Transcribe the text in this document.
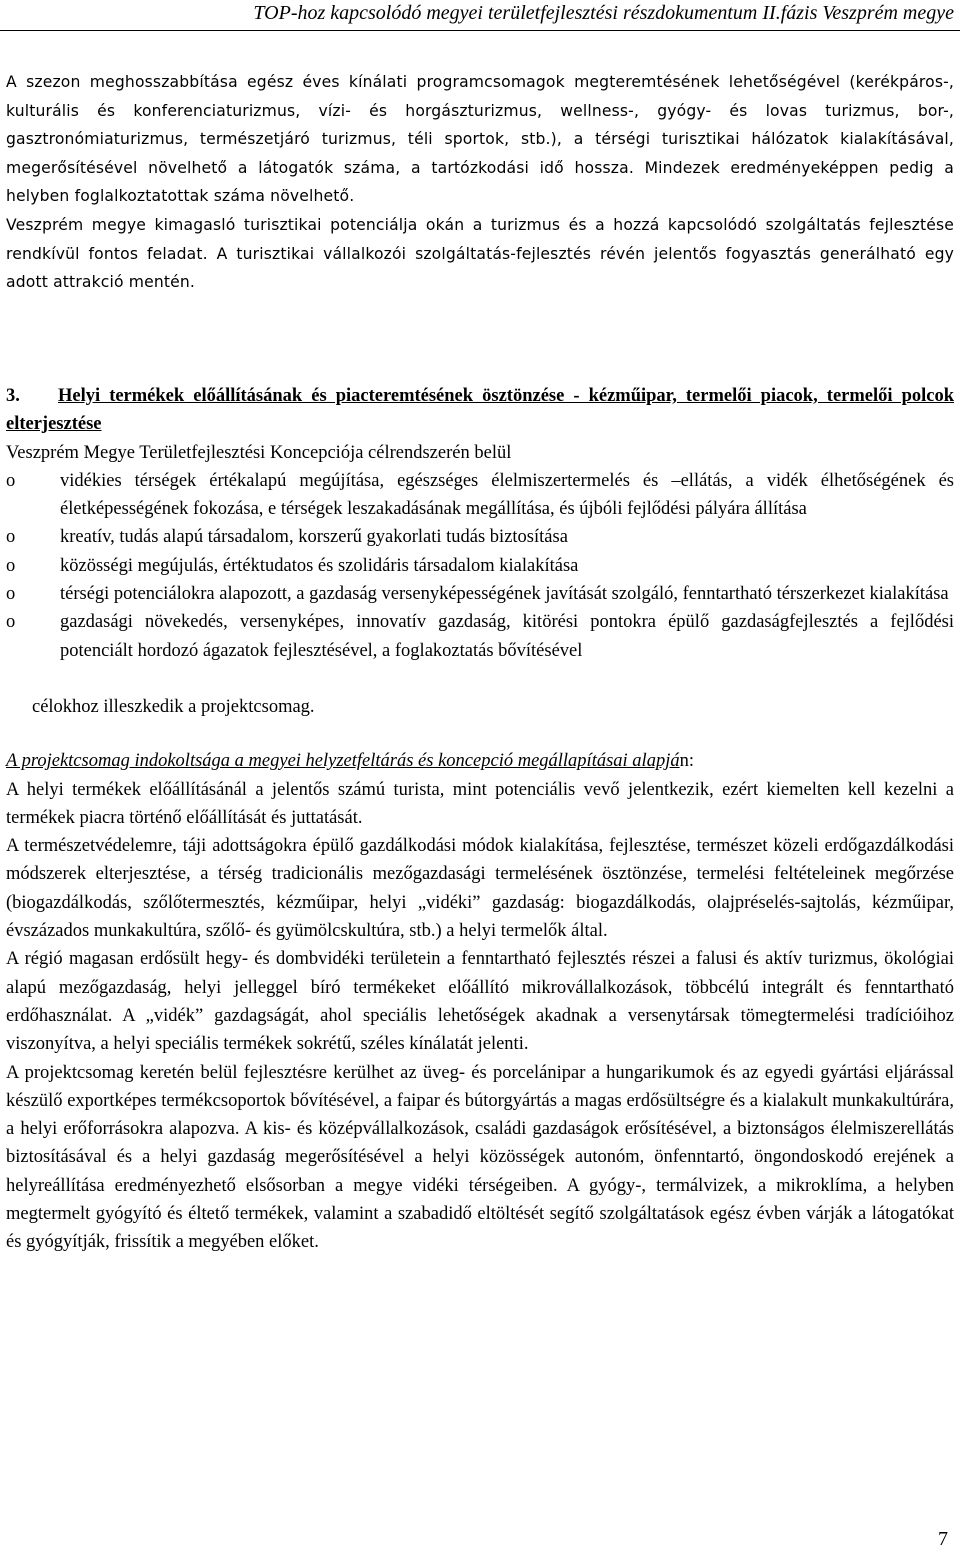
TOP-hoz kapcsolódó megyei területfejlesztési részdokumentum II.fázis Veszprém megye

A szezon meghosszabbítása egész éves kínálati programcsomagok megteremtésének lehetőségével (kerékpáros-, kulturális és konferenciaturizmus, vízi- és horgászturizmus, wellness-, gyógy- és lovas turizmus, bor-, gasztronómiaturizmus, természetjáró turizmus, téli sportok, stb.), a térségi turisztikai hálózatok kialakításával, megerősítésével növelhető a látogatók száma, a tartózkodási idő hossza. Mindezek eredményeképpen pedig a helyben foglalkoztatottak száma növelhető.

Veszprém megye kimagasló turisztikai potenciálja okán a turizmus és a hozzá kapcsolódó szolgáltatás fejlesztése rendkívül fontos feladat. A turisztikai vállalkozói szolgáltatás-fejlesztés révén jelentős fogyasztás generálható egy adott attrakció mentén.

3. Helyi termékek előállításának és piacteremtésének ösztönzése - kézműipar, termelői piacok, termelői polcok elterjesztése

Veszprém Megye Területfejlesztési Koncepciója célrendszerén belül

o vidékies térségek értékalapú megújítása, egészséges élelmiszertermelés és –ellátás, a vidék élhetőségének és életképességének fokozása, e térségek leszakadásának megállítása, és újbóli fejlődési pályára állítása

o kreatív, tudás alapú társadalom, korszerű gyakorlati tudás biztosítása

o közösségi megújulás, értéktudatos és szolidáris társadalom kialakítása

o térségi potenciálokra alapozott, a gazdaság versenyképességének javítását szolgáló, fenntartható térszerkezet kialakítása

o gazdasági növekedés, versenyképes, innovatív gazdaság, kitörési pontokra épülő gazdaságfejlesztés a fejlődési potenciált hordozó ágazatok fejlesztésével, a foglakoztatás bővítésével

célokhoz illeszkedik a projektcsomag.

A projektcsomag indokoltsága a megyei helyzetfeltárás és koncepció megállapításai alapján:

A helyi termékek előállításánál a jelentős számú turista, mint potenciális vevő jelentkezik, ezért kiemelten kell kezelni a termékek piacra történő előállítását és juttatását.

A természetvédelemre, táji adottságokra épülő gazdálkodási módok kialakítása, fejlesztése, természet közeli erdőgazdálkodási módszerek elterjesztése, a térség tradicionális mezőgazdasági termelésének ösztönzése, termelési feltételeinek megőrzése (biogazdálkodás, szőlőtermesztés, kézműipar, helyi „vidéki” gazdaság: biogazdálkodás, olajpréselés-sajtolás, kézműipar, évszázados munkakultúra, szőlő- és gyümölcskultúra, stb.) a helyi termelők által.

A régió magasan erdősült hegy- és dombvidéki területein a fenntartható fejlesztés részei a falusi és aktív turizmus, ökológiai alapú mezőgazdaság, helyi jelleggel bíró termékeket előállító mikrovállalkozások, többcélú integrált és fenntartható erdőhasználat. A „vidék” gazdagságát, ahol speciális lehetőségek akadnak a versenytársak tömegtermelési tradícióihoz viszonyítva, a helyi speciális termékek sokrétű, széles kínálatát jelenti.

A projektcsomag keretén belül fejlesztésre kerülhet az üveg- és porcelánipar a hungarikumok és az egyedi gyártási eljárással készülő exportképes termékcsoportok bővítésével, a faipar és bútorgyártás a magas erdősültségre és a kialakult munkakultúrára, a helyi erőforrásokra alapozva. A kis- és középvállalkozások, családi gazdaságok erősítésével, a biztonságos élelmiszerellátás biztosításával és a helyi gazdaság megerősítésével a helyi közösségek autonóm, önfenntartó, öngondoskodó erejének a helyreállítása eredményezhető elsősorban a megye vidéki térségeiben. A gyógy-, termálvizek, a mikroklíma, a helyben megtermelt gyógyító és éltető termékek, valamint a szabadidő eltöltését segítő szolgáltatások egész évben várják a látogatókat és gyógyítják, frissítik a megyében előket.

7
